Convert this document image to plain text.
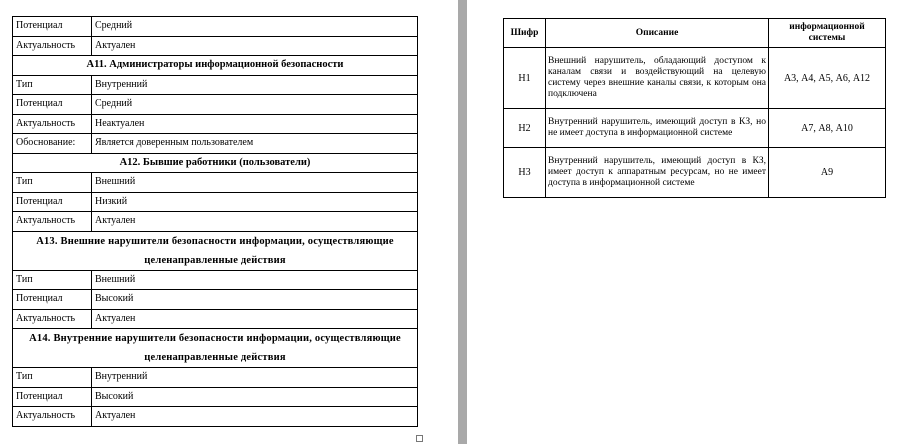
Потенциал	Средний
Актуальность	Актуален
А11. Администраторы информационной безопасности	
Тип	Внутренний
Потенциал	Средний
Актуальность	Неактуален
Обоснование:	Является доверенным пользователем
А12. Бывшие работники (пользователи)	
Тип	Внешний
Потенциал	Низкий
Актуальность	Актуален
А13. Внешние нарушители безопасности информации, осуществляющие
целенаправленные действия	
Тип	Внешний
Потенциал	Высокий
Актуальность	Актуален
А14. Внутренние нарушители безопасности информации, осуществляющие
целенаправленные действия	
Тип	Внутренний
Потенциал	Высокий
Актуальность	Актуален
Шифр	Описание	информационной
системы
Н1	Внешний нарушитель, обладающий доступом к каналам связи и воздействующий на целевую систему через внешние каналы связи, к которым она подключена	А3, А4, А5, А6, А12
Н2	Внутренний нарушитель, имеющий доступ в КЗ, но не имеет доступа в информационной системе	А7, А8, А10
Н3	Внутренний нарушитель, имеющий доступ в КЗ, имеет доступ к аппаратным ресурсам, но не имеет доступа в информационной системе	А9
